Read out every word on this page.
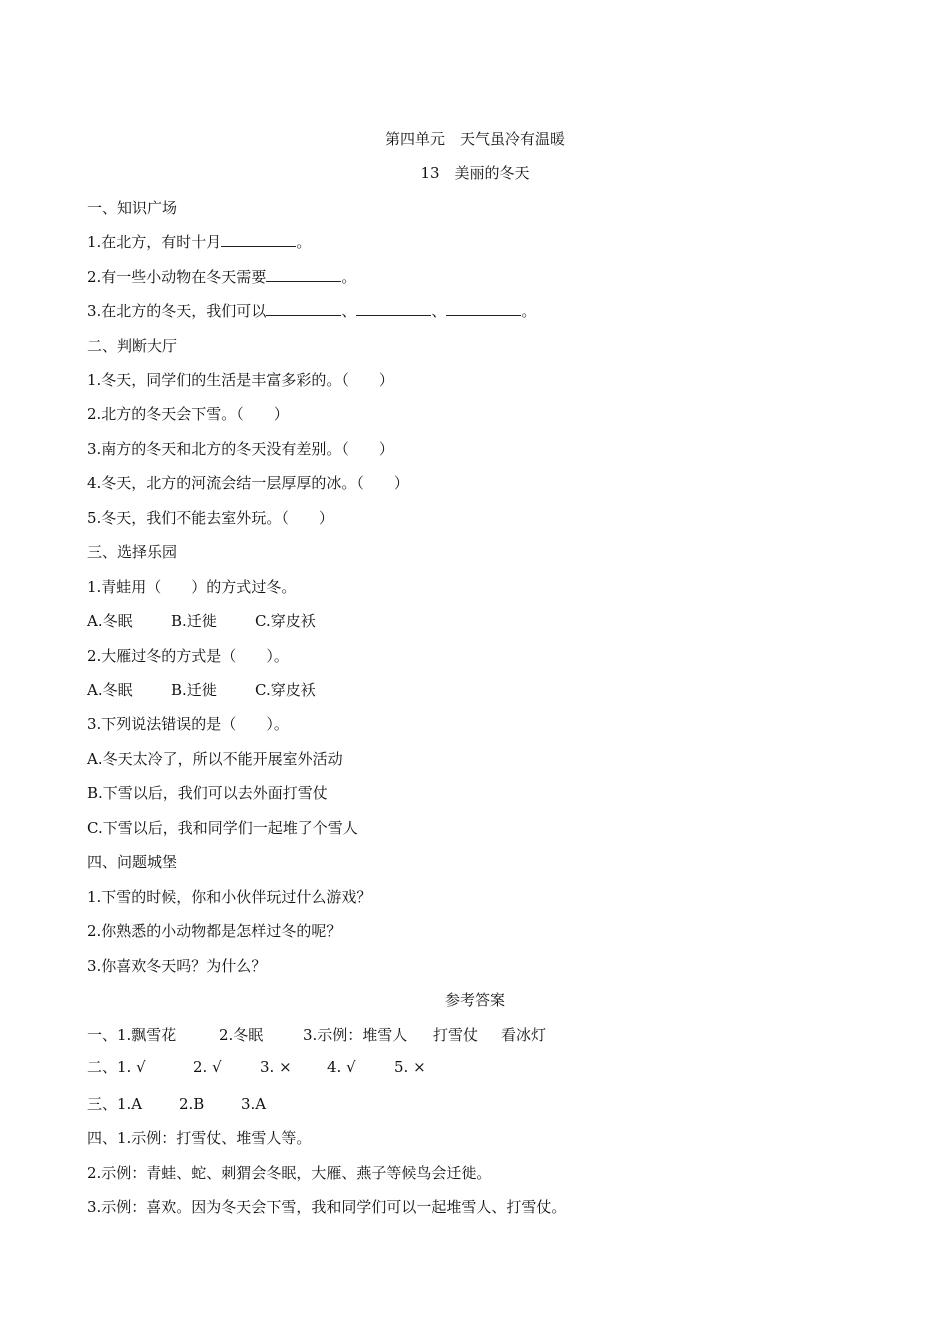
第四单元　天气虽冷有温暖
13　美丽的冬天
一、知识广场
1.在北方，有时十月	。
2.有一些小动物在冬天需要	。
3.在北方的冬天，我们可以	、	、	。
二、判断大厅
1.冬天，同学们的生活是丰富多彩的。（　　）
2.北方的冬天会下雪。（　　）
3.南方的冬天和北方的冬天没有差别。（　　）
4.冬天，北方的河流会结一层厚厚的冰。（　　）
5.冬天，我们不能去室外玩。（　　）
三、选择乐园
1.青蛙用（　　）的方式过冬。
A.冬眠	B.迁徙	C.穿皮袄
2.大雁过冬的方式是（　　）。
A.冬眠	B.迁徙	C.穿皮袄
3.下列说法错误的是（　　）。
A.冬天太冷了，所以不能开展室外活动
B.下雪以后，我们可以去外面打雪仗
C.下雪以后，我和同学们一起堆了个雪人
四、问题城堡
1.下雪的时候，你和小伙伴玩过什么游戏？
2.你熟悉的小动物都是怎样过冬的呢？
3.你喜欢冬天吗？为什么？
参考答案
一、1.飘雪花	2.冬眠	3.示例：堆雪人 打雪仗 看冰灯
二、1. √	2. √	3. × 4. √	5. ×
三、1.A 2.B 3.A
四、1.示例：打雪仗、堆雪人等。
2.示例：青蛙、蛇、刺猬会冬眠，大雁、燕子等候鸟会迁徙。
3.示例：喜欢。因为冬天会下雪，我和同学们可以一起堆雪人、打雪仗。
